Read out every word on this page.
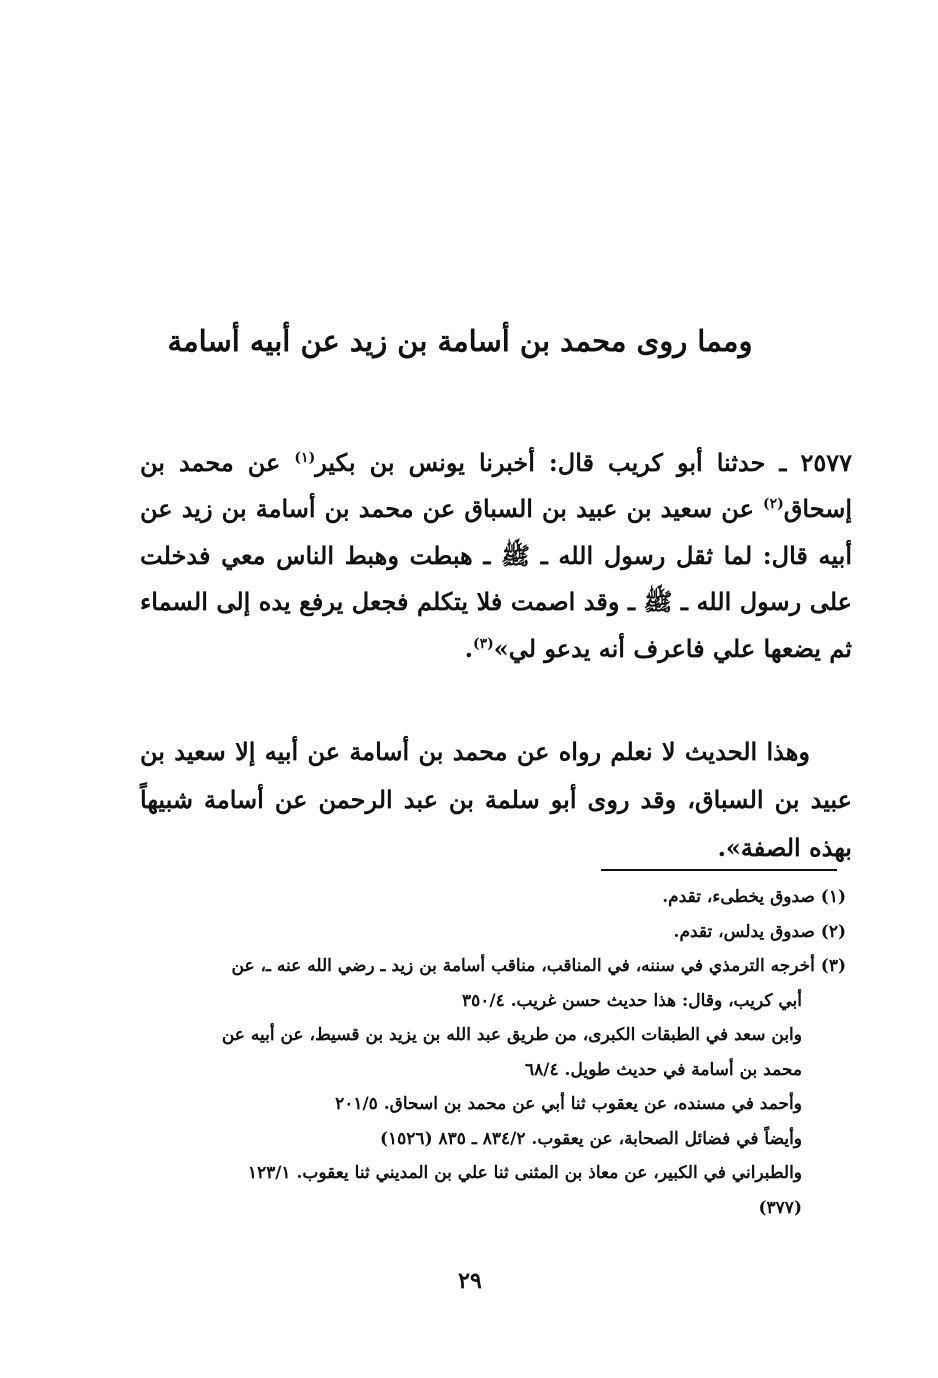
ومما روى محمد بن أسامة بن زيد عن أبيه أسامة

٢٥٧٧ ـ حدثنا أبو كريب قال: أخبرنا يونس بن بكير$^{(١)}$ عن محمد بن إسحاق$^{(٢)}$ عن سعيد بن عبيد بن السباق عن محمد بن أسامة بن زيد عن أبيه قال: لما ثقل رسول الله ـ ﷺ ـ هبطت وهبط الناس معي فدخلت على رسول الله ـ ﷺ ـ وقد اصمت فلا يتكلم فجعل يرفع يده إلى السماء ثم يضعها علي فاعرف أنه يدعو لي»$^{(٣)}$.

وهذا الحديث لا نعلم رواه عن محمد بن أسامة عن أبيه إلا سعيد بن عبيد بن السباق، وقد روى أبو سلمة بن عبد الرحمن عن أسامة شبيهاً بهذه الصفة».

(١) صدوق يخطىء، تقدم.

(٢) صدوق يدلس، تقدم.

(٣) أخرجه الترمذي في سننه، في المناقب، مناقب أسامة بن زيد ـ رضي الله عنه ـ، عن

أبي كريب، وقال: هذا حديث حسن غريب. ٣٥٠/٤

وابن سعد في الطبقات الكبرى، من طريق عبد الله بن يزيد بن قسيط، عن أبيه عن

محمد بن أسامة في حديث طويل. ٦٨/٤

وأحمد في مسنده، عن يعقوب ثنا أبي عن محمد بن اسحاق. ٢٠١/٥

وأيضاً في فضائل الصحابة، عن يعقوب. ٨٣٤/٢ ـ ٨٣٥ (١٥٢٦)

والطبراني في الكبير، عن معاذ بن المثنى ثنا علي بن المديني ثنا يعقوب. ١٢٣/١

(٣٧٧)

٢٩
